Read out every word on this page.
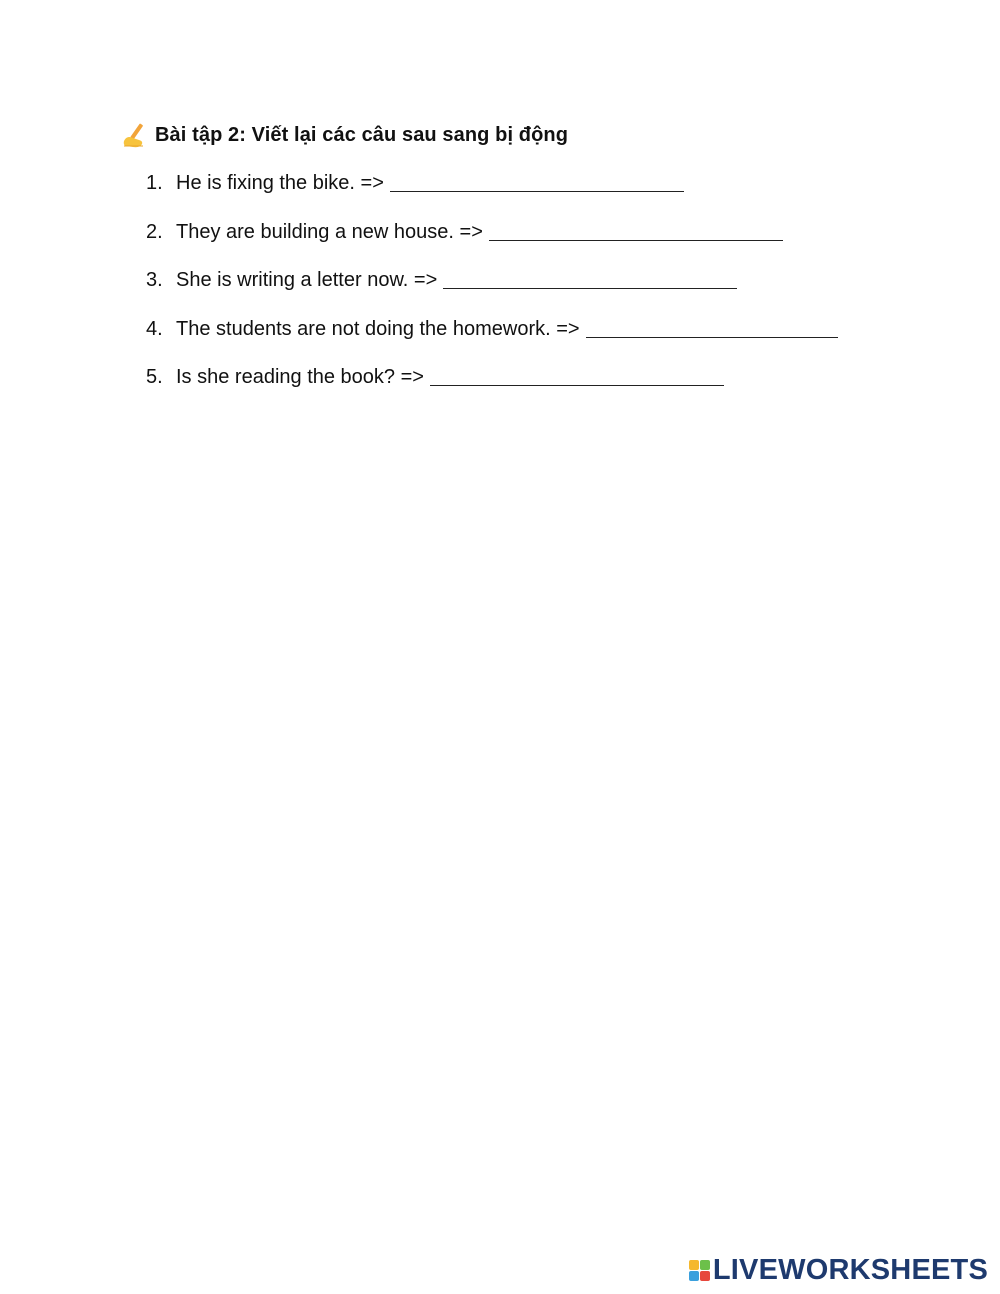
Bài tập 2: Viết lại các câu sau sang bị động
1. He is fixing the bike. =>
2. They are building a new house. =>
3. She is writing a letter now. =>
4. The students are not doing the homework. =>
5. Is she reading the book? =>
LIVEWORKSHEETS
